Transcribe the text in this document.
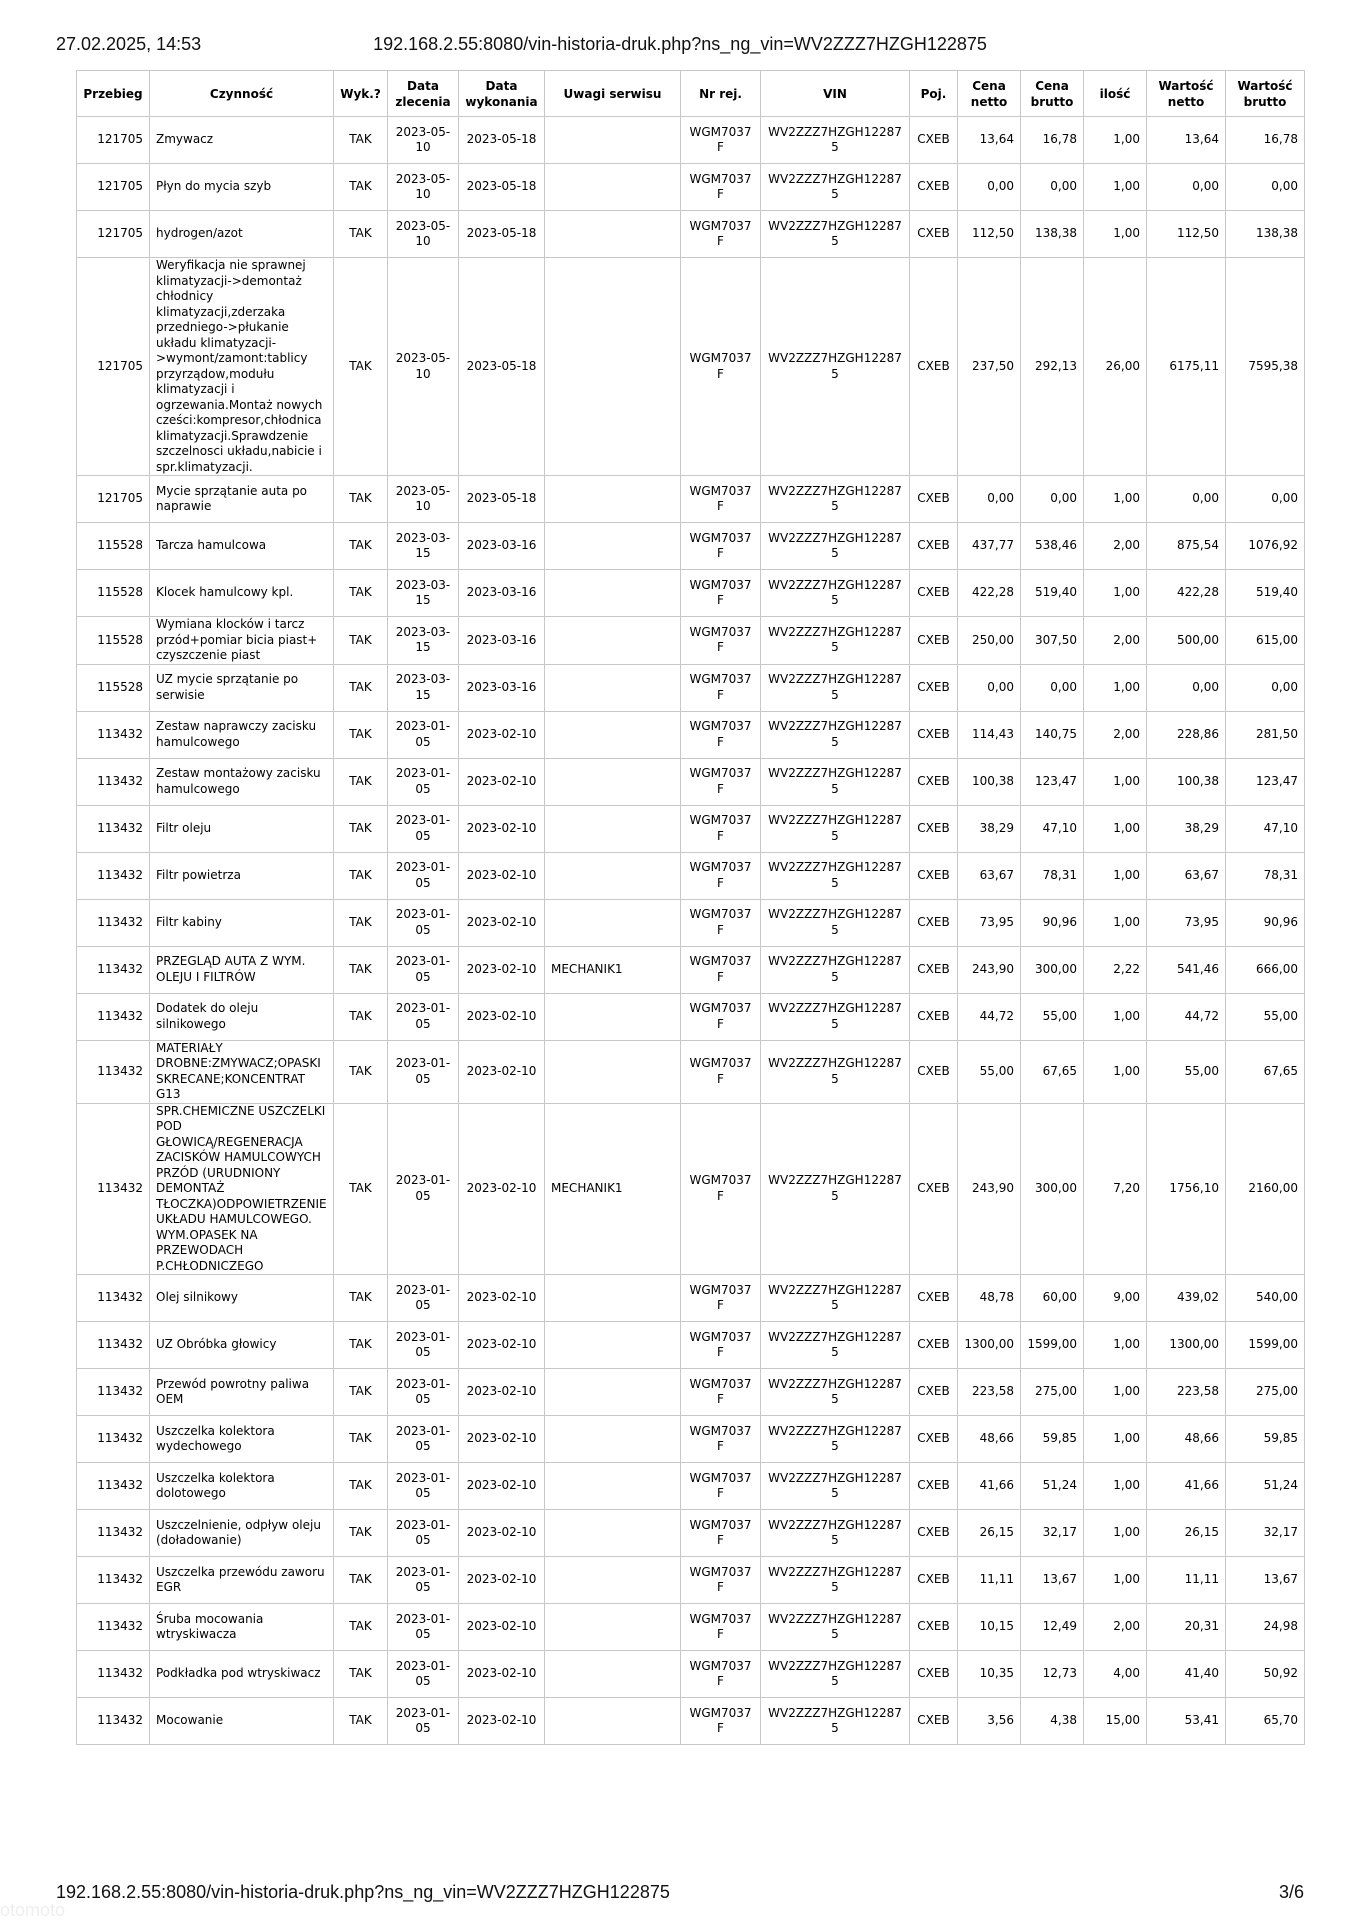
27.02.2025, 14:53	192.168.2.55:8080/vin-historia-druk.php?ns_ng_vin=WV2ZZZ7HZGH122875
Przebieg	Czynność	Wyk.?	Data zlecenia	Data wykonania	Uwagi serwisu	Nr rej.	VIN	Poj.	Cena netto	Cena brutto	ilość	Wartość netto	Wartość brutto
121705	Zmywacz	TAK	2023-05-10	2023-05-18		WGM7037F	WV2ZZZ7HZGH122875	CXEB	13,64	16,78	1,00	13,64	16,78
121705	Płyn do mycia szyb	TAK	2023-05-10	2023-05-18		WGM7037F	WV2ZZZ7HZGH122875	CXEB	0,00	0,00	1,00	0,00	0,00
121705	hydrogen/azot	TAK	2023-05-10	2023-05-18		WGM7037F	WV2ZZZ7HZGH122875	CXEB	112,50	138,38	1,00	112,50	138,38
121705	Weryfikacja nie sprawnej klimatyzacji->demontaż chłodnicy klimatyzacji,zderzaka przedniego->płukanie układu klimatyzacji->wymont/zamont:tablicy przyrządow,modułu klimatyzacji i ogrzewania.Montaż nowych cześci:kompresor,chłodnica klimatyzacji.Sprawdzenie szczelnosci układu,nabicie i spr.klimatyzacji.	TAK	2023-05-10	2023-05-18		WGM7037F	WV2ZZZ7HZGH122875	CXEB	237,50	292,13	26,00	6175,11	7595,38
121705	Mycie sprzątanie auta po naprawie	TAK	2023-05-10	2023-05-18		WGM7037F	WV2ZZZ7HZGH122875	CXEB	0,00	0,00	1,00	0,00	0,00
115528	Tarcza hamulcowa	TAK	2023-03-15	2023-03-16		WGM7037F	WV2ZZZ7HZGH122875	CXEB	437,77	538,46	2,00	875,54	1076,92
115528	Klocek hamulcowy kpl.	TAK	2023-03-15	2023-03-16		WGM7037F	WV2ZZZ7HZGH122875	CXEB	422,28	519,40	1,00	422,28	519,40
115528	Wymiana klocków i tarcz przód+pomiar bicia piast+ czyszczenie piast	TAK	2023-03-15	2023-03-16		WGM7037F	WV2ZZZ7HZGH122875	CXEB	250,00	307,50	2,00	500,00	615,00
115528	UZ mycie sprzątanie po serwisie	TAK	2023-03-15	2023-03-16		WGM7037F	WV2ZZZ7HZGH122875	CXEB	0,00	0,00	1,00	0,00	0,00
113432	Zestaw naprawczy zacisku hamulcowego	TAK	2023-01-05	2023-02-10		WGM7037F	WV2ZZZ7HZGH122875	CXEB	114,43	140,75	2,00	228,86	281,50
113432	Zestaw montażowy zacisku hamulcowego	TAK	2023-01-05	2023-02-10		WGM7037F	WV2ZZZ7HZGH122875	CXEB	100,38	123,47	1,00	100,38	123,47
113432	Filtr oleju	TAK	2023-01-05	2023-02-10		WGM7037F	WV2ZZZ7HZGH122875	CXEB	38,29	47,10	1,00	38,29	47,10
113432	Filtr powietrza	TAK	2023-01-05	2023-02-10		WGM7037F	WV2ZZZ7HZGH122875	CXEB	63,67	78,31	1,00	63,67	78,31
113432	Filtr kabiny	TAK	2023-01-05	2023-02-10		WGM7037F	WV2ZZZ7HZGH122875	CXEB	73,95	90,96	1,00	73,95	90,96
113432	PRZEGLĄD AUTA Z WYM. OLEJU I FILTRÓW	TAK	2023-01-05	2023-02-10	MECHANIK1	WGM7037F	WV2ZZZ7HZGH122875	CXEB	243,90	300,00	2,22	541,46	666,00
113432	Dodatek do oleju silnikowego	TAK	2023-01-05	2023-02-10		WGM7037F	WV2ZZZ7HZGH122875	CXEB	44,72	55,00	1,00	44,72	55,00
113432	MATERIAŁY DROBNE:ZMYWACZ;OPASKI SKRECANE;KONCENTRAT G13	TAK	2023-01-05	2023-02-10		WGM7037F	WV2ZZZ7HZGH122875	CXEB	55,00	67,65	1,00	55,00	67,65
113432	SPR.CHEMICZNE USZCZELKI POD GŁOWICĄ/REGENERACJA ZACISKÓW HAMULCOWYCH PRZÓD (URUDNIONY DEMONTAŻ TŁOCZKA)ODPOWIETRZENIE UKŁADU HAMULCOWEGO. WYM.OPASEK NA PRZEWODACH P.CHŁODNICZEGO	TAK	2023-01-05	2023-02-10	MECHANIK1	WGM7037F	WV2ZZZ7HZGH122875	CXEB	243,90	300,00	7,20	1756,10	2160,00
113432	Olej silnikowy	TAK	2023-01-05	2023-02-10		WGM7037F	WV2ZZZ7HZGH122875	CXEB	48,78	60,00	9,00	439,02	540,00
113432	UZ Obróbka głowicy	TAK	2023-01-05	2023-02-10		WGM7037F	WV2ZZZ7HZGH122875	CXEB	1300,00	1599,00	1,00	1300,00	1599,00
113432	Przewód powrotny paliwa OEM	TAK	2023-01-05	2023-02-10		WGM7037F	WV2ZZZ7HZGH122875	CXEB	223,58	275,00	1,00	223,58	275,00
113432	Uszczelka kolektora wydechowego	TAK	2023-01-05	2023-02-10		WGM7037F	WV2ZZZ7HZGH122875	CXEB	48,66	59,85	1,00	48,66	59,85
113432	Uszczelka kolektora dolotowego	TAK	2023-01-05	2023-02-10		WGM7037F	WV2ZZZ7HZGH122875	CXEB	41,66	51,24	1,00	41,66	51,24
113432	Uszczelnienie, odpływ oleju (doładowanie)	TAK	2023-01-05	2023-02-10		WGM7037F	WV2ZZZ7HZGH122875	CXEB	26,15	32,17	1,00	26,15	32,17
113432	Uszczelka przewódu zaworu EGR	TAK	2023-01-05	2023-02-10		WGM7037F	WV2ZZZ7HZGH122875	CXEB	11,11	13,67	1,00	11,11	13,67
113432	Śruba mocowania wtryskiwacza	TAK	2023-01-05	2023-02-10		WGM7037F	WV2ZZZ7HZGH122875	CXEB	10,15	12,49	2,00	20,31	24,98
113432	Podkładka pod wtryskiwacz	TAK	2023-01-05	2023-02-10		WGM7037F	WV2ZZZ7HZGH122875	CXEB	10,35	12,73	4,00	41,40	50,92
113432	Mocowanie	TAK	2023-01-05	2023-02-10		WGM7037F	WV2ZZZ7HZGH122875	CXEB	3,56	4,38	15,00	53,41	65,70
192.168.2.55:8080/vin-historia-druk.php?ns_ng_vin=WV2ZZZ7HZGH122875	3/6
otomoto
